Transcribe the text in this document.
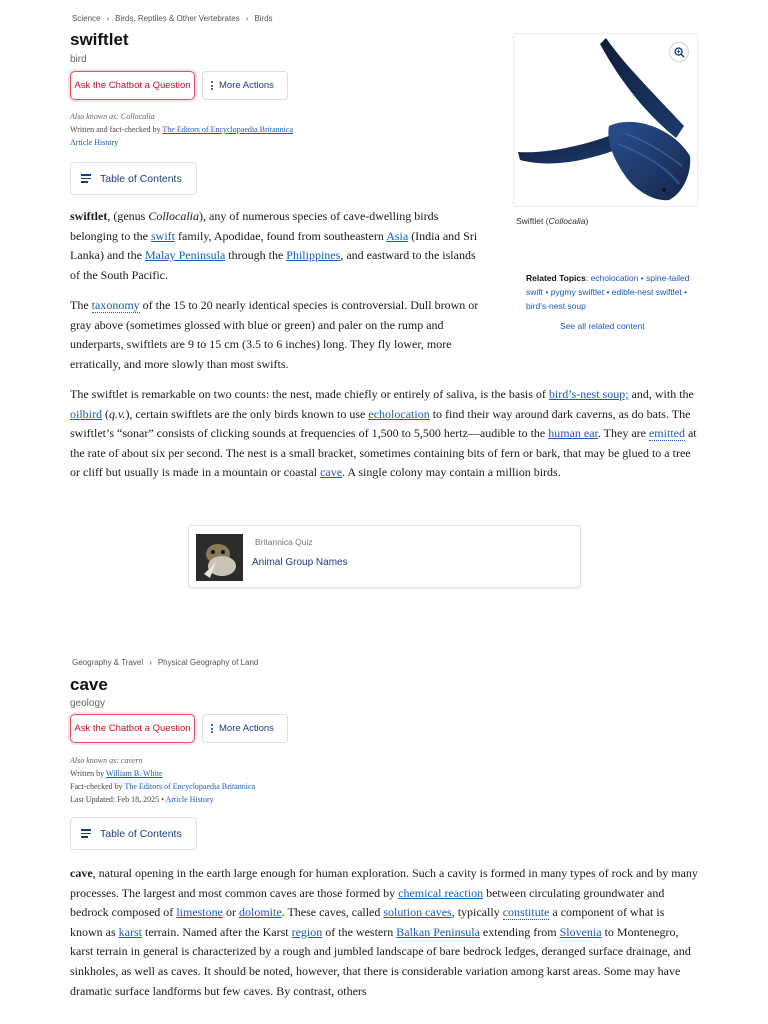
Science › Birds, Reptiles & Other Vertebrates › Birds
swiftlet
bird
Ask the Chatbot a Question	More Actions
Also known as: Collocalia
Written and fact-checked by The Editors of Encyclopaedia Britannica
Article History
Table of Contents

swiftlet, (genus Collocalia), any of numerous species of cave-dwelling birds belonging to the swift family, Apodidae, found from southeastern Asia (India and Sri Lanka) and the Malay Peninsula through the Philippines, and eastward to the islands of the South Pacific.

The taxonomy of the 15 to 20 nearly identical species is controversial. Dull brown or gray above (sometimes glossed with blue or green) and paler on the rump and underparts, swiftlets are 9 to 15 cm (3.5 to 6 inches) long. They fly lower, more erratically, and more slowly than most swifts.

The swiftlet is remarkable on two counts: the nest, made chiefly or entirely of saliva, is the basis of bird’s-nest soup; and, with the oilbird (q.v.), certain swiftlets are the only birds known to use echolocation to find their way around dark caverns, as do bats. The swiftlet’s “sonar” consists of clicking sounds at frequencies of 1,500 to 5,500 hertz—audible to the human ear. They are emitted at the rate of about six per second. The nest is a small bracket, sometimes containing bits of fern or bark, that may be glued to a tree or cliff but usually is made in a mountain or coastal cave. A single colony may contain a million birds.

Swiftlet (Collocalia)
Related Topics: echolocation • spine-tailed swift • pygmy swiftlet • edible-nest swiftlet • bird’s-nest soup
See all related content
Britannica Quiz
Animal Group Names
Geography & Travel › Physical Geography of Land
cave
geology
Ask the Chatbot a Question	More Actions
Also known as: cavern
Written by William B. White
Fact-checked by The Editors of Encyclopaedia Britannica
Last Updated: Feb 18, 2025 • Article History
Table of Contents

cave, natural opening in the earth large enough for human exploration. Such a cavity is formed in many types of rock and by many processes. The largest and most common caves are those formed by chemical reaction between circulating groundwater and bedrock composed of limestone or dolomite. These caves, called solution caves, typically constitute a component of what is known as karst terrain. Named after the Karst region of the western Balkan Peninsula extending from Slovenia to Montenegro, karst terrain in general is characterized by a rough and jumbled landscape of bare bedrock ledges, deranged surface drainage, and sinkholes, as well as caves. It should be noted, however, that there is considerable variation among karst areas. Some may have dramatic surface landforms but few caves. By contrast, others
